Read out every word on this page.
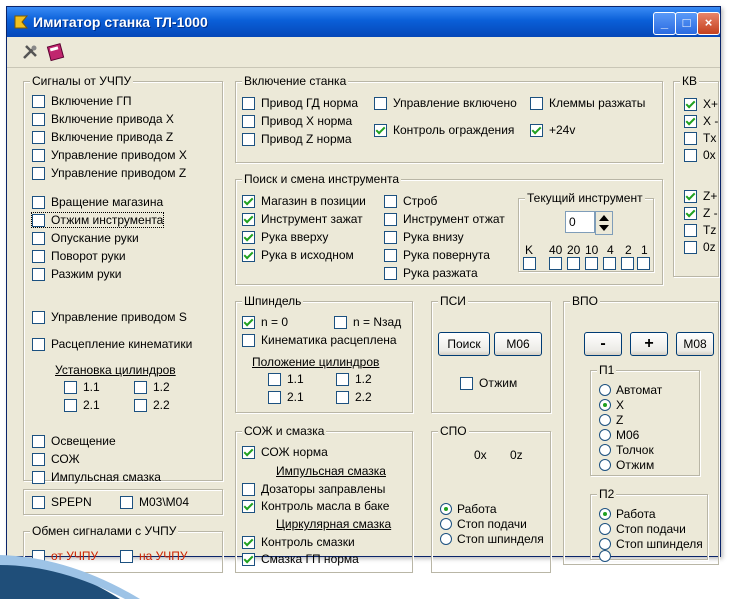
Имитатор станка ТЛ-1000	_	□	×
Сигналы от УЧПУ
Включение ГП
Включение привода X
Включение привода Z
Управление приводом X
Управление приводом Z
Вращение магазина
Отжим инструмента
Опускание руки
Поворот руки
Разжим руки
Управление приводом S
Расцепление кинематики
Установка цилиндров
1.1	1.2
2.1	2.2
Освещение
СОЖ
Импульсная смазка
SPEPN	M03\M04
Обмен сигналами с УЧПУ
от УЧПУ	на УЧПУ
Включение станка
Привод ГД норма
Привод X норма
Привод Z норма
Управление включено
Контроль ограждения
Клеммы разжаты
+24v
КВ
X+
X -
Tx
0x
Z+
Z -
Tz
0z
Поиск и смена инструмента
Магазин в позиции
Инструмент зажат
Рука вверху
Рука в исходном
Строб
Инструмент отжат
Рука внизу
Рука повернута
Рука разжата
Текущий инструмент
0
K 40 20 10 4 2 1
Шпиндель
n = 0	n = Nзад
Кинематика расцеплена
Положение цилиндров
1.1	1.2
2.1	2.2
ПСИ
Поиск	M06
Отжим
ВПО
-	+	M08
П1
Автомат
X
Z
M06
Толчок
Отжим
П2
Работа
Стоп подачи
Стоп шпинделя
СОЖ и смазка
СОЖ норма
Импульсная смазка
Дозаторы заправлены
Контроль масла в баке
Циркулярная смазка
Контроль смазки
Смазка ГП норма
СПО
0x 0z
Работа
Стоп подачи
Стоп шпинделя
